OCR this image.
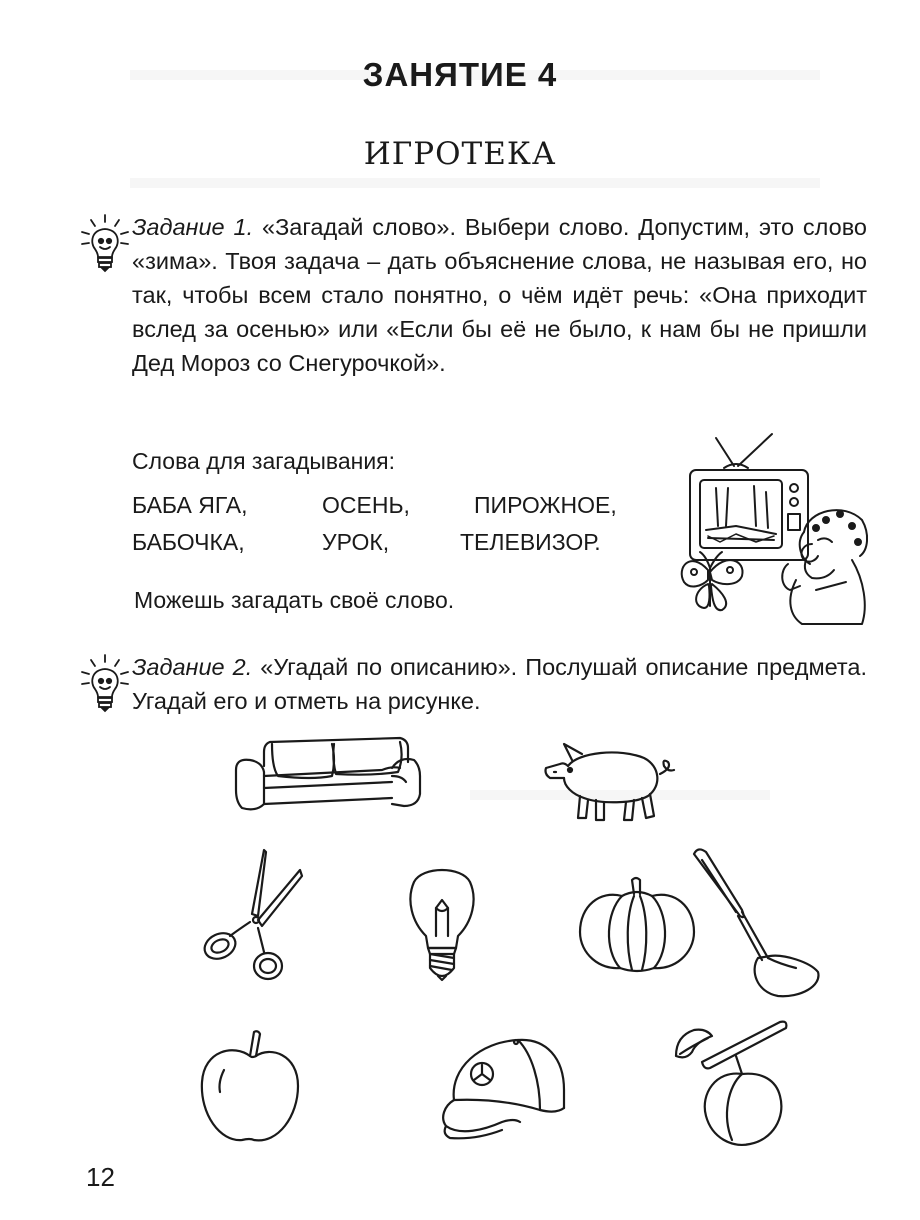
ЗАНЯТИЕ 4
ИГРОТЕКА
Задание 1. «Загадай слово». Выбери слово. Допустим, это слово «зима». Твоя задача – дать объяснение слова, не называя его, но так, чтобы всем стало понятно, о чём идёт речь: «Она приходит вслед за осенью» или «Если бы её не было, к нам бы не пришли Дед Мороз со Снегурочкой».
Слова для загадывания:
БАБА ЯГА,	ОСЕНЬ,	ПИРОЖНОЕ,
БАБОЧКА,	УРОК,	ТЕЛЕВИЗОР.
Можешь загадать своё слово.
Задание 2. «Угадай по описанию». Послушай описание предмета. Угадай его и отметь на рисунке.
12
